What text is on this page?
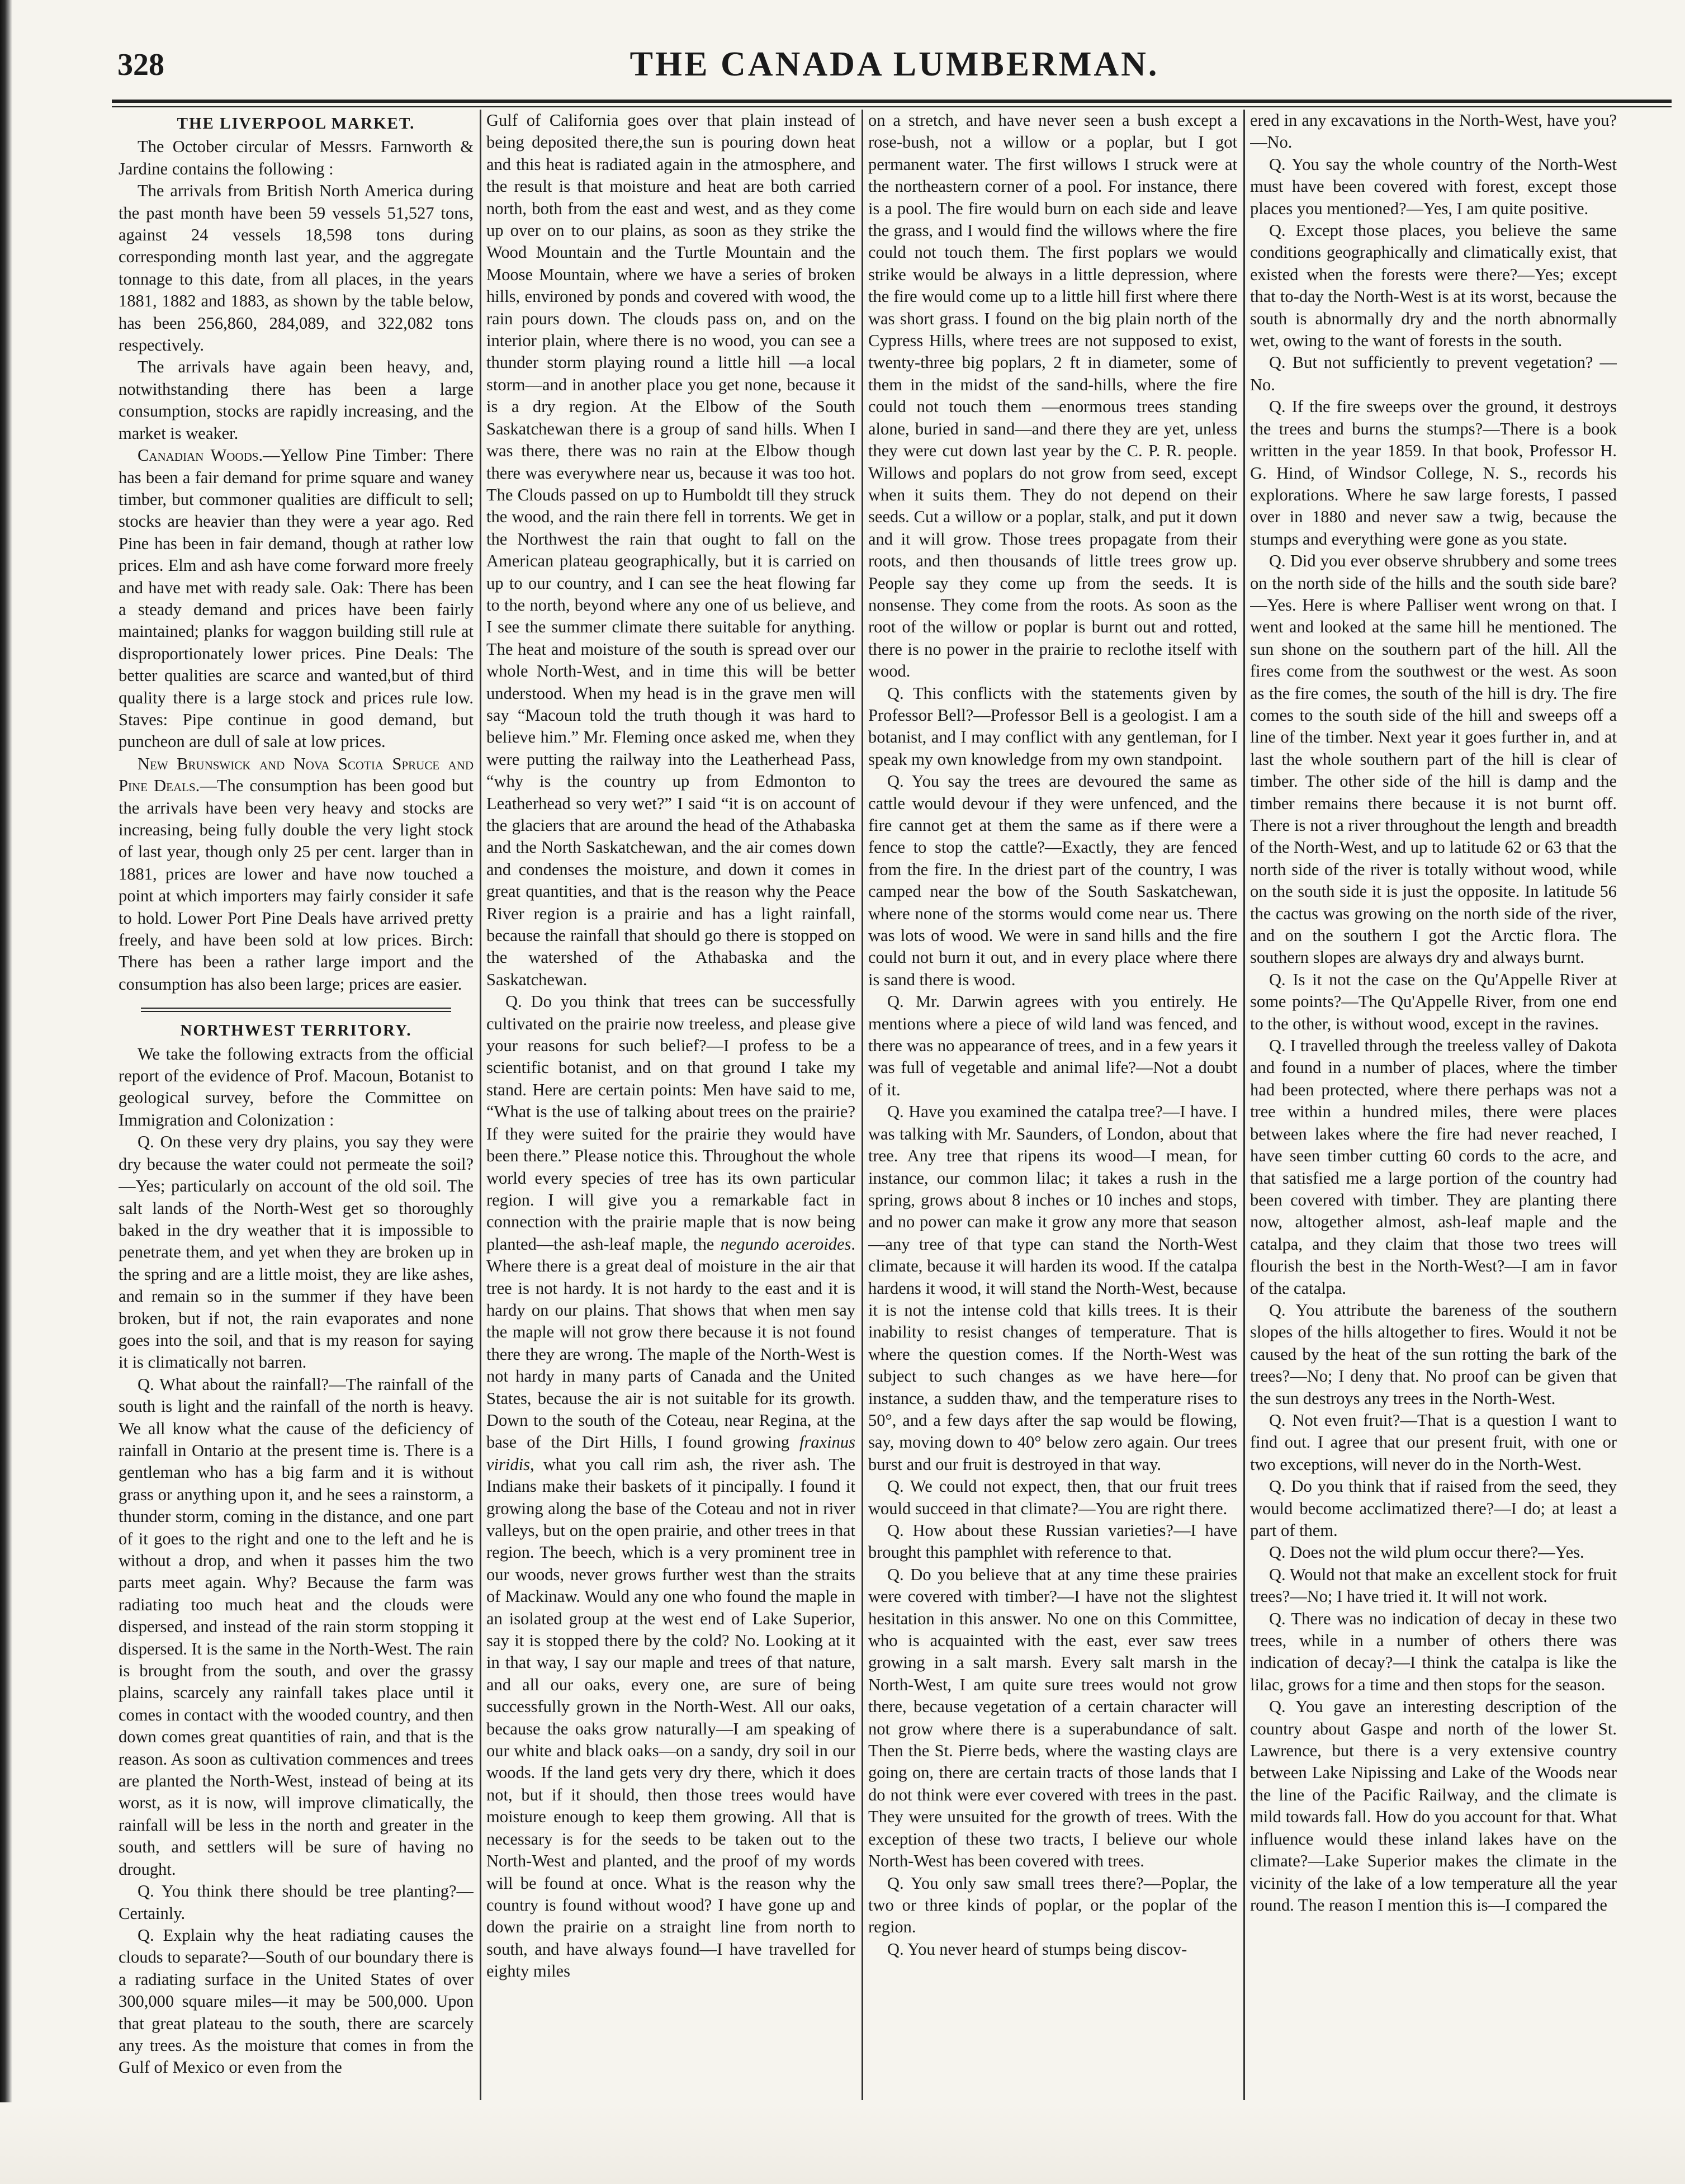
328	THE CANADA LUMBERMAN.
THE LIVERPOOL MARKET.

The October circular of Messrs. Farnworth & Jardine contains the following :

The arrivals from British North America during the past month have been 59 vessels 51,527 tons, against 24 vessels 18,598 tons during corresponding month last year, and the aggregate tonnage to this date, from all places, in the years 1881, 1882 and 1883, as shown by the table below, has been 256,860, 284,089, and 322,082 tons respectively.

The arrivals have again been heavy, and, notwithstanding there has been a large consumption, stocks are rapidly increasing, and the market is weaker.

Canadian Woods.—Yellow Pine Timber: There has been a fair demand for prime square and waney timber, but commoner qualities are difficult to sell; stocks are heavier than they were a year ago. Red Pine has been in fair demand, though at rather low prices. Elm and ash have come forward more freely and have met with ready sale. Oak: There has been a steady demand and prices have been fairly maintained; planks for waggon building still rule at disproportionately lower prices. Pine Deals: The better qualities are scarce and wanted,but of third quality there is a large stock and prices rule low. Staves: Pipe continue in good demand, but puncheon are dull of sale at low prices.

New Brunswick and Nova Scotia Spruce and Pine Deals.—The consumption has been good but the arrivals have been very heavy and stocks are increasing, being fully double the very light stock of last year, though only 25 per cent. larger than in 1881, prices are lower and have now touched a point at which importers may fairly consider it safe to hold. Lower Port Pine Deals have arrived pretty freely, and have been sold at low prices. Birch: There has been a rather large import and the consumption has also been large; prices are easier.

NORTHWEST TERRITORY.

We take the following extracts from the official report of the evidence of Prof. Macoun, Botanist to geological survey, before the Committee on Immigration and Colonization :

Q. On these very dry plains, you say they were dry because the water could not permeate the soil?—Yes; particularly on account of the old soil. The salt lands of the North-West get so thoroughly baked in the dry weather that it is impossible to penetrate them, and yet when they are broken up in the spring and are a little moist, they are like ashes, and remain so in the summer if they have been broken, but if not, the rain evaporates and none goes into the soil, and that is my reason for saying it is climatically not barren.

Q. What about the rainfall?—The rainfall of the south is light and the rainfall of the north is heavy. We all know what the cause of the deficiency of rainfall in Ontario at the present time is. There is a gentleman who has a big farm and it is without grass or anything upon it, and he sees a rainstorm, a thunder storm, coming in the distance, and one part of it goes to the right and one to the left and he is without a drop, and when it passes him the two parts meet again. Why? Because the farm was radiating too much heat and the clouds were dispersed, and instead of the rain storm stopping it dispersed. It is the same in the North-West. The rain is brought from the south, and over the grassy plains, scarcely any rainfall takes place until it comes in contact with the wooded country, and then down comes great quantities of rain, and that is the reason. As soon as cultivation commences and trees are planted the North-West, instead of being at its worst, as it is now, will improve climatically, the rainfall will be less in the north and greater in the south, and settlers will be sure of having no drought.

Q. You think there should be tree planting?—Certainly.

Q. Explain why the heat radiating causes the clouds to separate?—South of our boundary there is a radiating surface in the United States of over 300,000 square miles—it may be 500,000. Upon that great plateau to the south, there are scarcely any trees. As the moisture that comes in from the Gulf of Mexico or even from the

Gulf of California goes over that plain instead of being deposited there,the sun is pouring down heat and this heat is radiated again in the atmosphere, and the result is that moisture and heat are both carried north, both from the east and west, and as they come up over on to our plains, as soon as they strike the Wood Mountain and the Turtle Mountain and the Moose Mountain, where we have a series of broken hills, environed by ponds and covered with wood, the rain pours down. The clouds pass on, and on the interior plain, where there is no wood, you can see a thunder storm playing round a little hill —a local storm—and in another place you get none, because it is a dry region. At the Elbow of the South Saskatchewan there is a group of sand hills. When I was there, there was no rain at the Elbow though there was everywhere near us, because it was too hot. The Clouds passed on up to Humboldt till they struck the wood, and the rain there fell in torrents. We get in the Northwest the rain that ought to fall on the American plateau geographically, but it is carried on up to our country, and I can see the heat flowing far to the north, beyond where any one of us believe, and I see the summer climate there suitable for anything. The heat and moisture of the south is spread over our whole North-West, and in time this will be better understood. When my head is in the grave men will say “Macoun told the truth though it was hard to believe him.” Mr. Fleming once asked me, when they were putting the railway into the Leatherhead Pass, “why is the country up from Edmonton to Leatherhead so very wet?” I said “it is on account of the glaciers that are around the head of the Athabaska and the North Saskatchewan, and the air comes down and condenses the moisture, and down it comes in great quantities, and that is the reason why the Peace River region is a prairie and has a light rainfall, because the rainfall that should go there is stopped on the watershed of the Athabaska and the Saskatchewan.

Q. Do you think that trees can be successfully cultivated on the prairie now treeless, and please give your reasons for such belief?—I profess to be a scientific botanist, and on that ground I take my stand. Here are certain points: Men have said to me, “What is the use of talking about trees on the prairie? If they were suited for the prairie they would have been there.” Please notice this. Throughout the whole world every species of tree has its own particular region. I will give you a remarkable fact in connection with the prairie maple that is now being planted—the ash-leaf maple, the negundo aceroides. Where there is a great deal of moisture in the air that tree is not hardy. It is not hardy to the east and it is hardy on our plains. That shows that when men say the maple will not grow there because it is not found there they are wrong. The maple of the North-West is not hardy in many parts of Canada and the United States, because the air is not suitable for its growth. Down to the south of the Coteau, near Regina, at the base of the Dirt Hills, I found growing fraxinus viridis, what you call rim ash, the river ash. The Indians make their baskets of it pincipally. I found it growing along the base of the Coteau and not in river valleys, but on the open prairie, and other trees in that region. The beech, which is a very prominent tree in our woods, never grows further west than the straits of Mackinaw. Would any one who found the maple in an isolated group at the west end of Lake Superior, say it is stopped there by the cold? No. Looking at it in that way, I say our maple and trees of that nature, and all our oaks, every one, are sure of being successfully grown in the North-West. All our oaks, because the oaks grow naturally—I am speaking of our white and black oaks—on a sandy, dry soil in our woods. If the land gets very dry there, which it does not, but if it should, then those trees would have moisture enough to keep them growing. All that is necessary is for the seeds to be taken out to the North-West and planted, and the proof of my words will be found at once. What is the reason why the country is found without wood? I have gone up and down the prairie on a straight line from north to south, and have always found—I have travelled for eighty miles

on a stretch, and have never seen a bush except a rose-bush, not a willow or a poplar, but I got permanent water. The first willows I struck were at the northeastern corner of a pool. For instance, there is a pool. The fire would burn on each side and leave the grass, and I would find the willows where the fire could not touch them. The first poplars we would strike would be always in a little depression, where the fire would come up to a little hill first where there was short grass. I found on the big plain north of the Cypress Hills, where trees are not supposed to exist, twenty-three big poplars, 2 ft in diameter, some of them in the midst of the sand-hills, where the fire could not touch them —enormous trees standing alone, buried in sand—and there they are yet, unless they were cut down last year by the C. P. R. people. Willows and poplars do not grow from seed, except when it suits them. They do not depend on their seeds. Cut a willow or a poplar, stalk, and put it down and it will grow. Those trees propagate from their roots, and then thousands of little trees grow up. People say they come up from the seeds. It is nonsense. They come from the roots. As soon as the root of the willow or poplar is burnt out and rotted, there is no power in the prairie to reclothe itself with wood.

Q. This conflicts with the statements given by Professor Bell?—Professor Bell is a geologist. I am a botanist, and I may conflict with any gentleman, for I speak my own knowledge from my own standpoint.

Q. You say the trees are devoured the same as cattle would devour if they were unfenced, and the fire cannot get at them the same as if there were a fence to stop the cattle?—Exactly, they are fenced from the fire. In the driest part of the country, I was camped near the bow of the South Saskatchewan, where none of the storms would come near us. There was lots of wood. We were in sand hills and the fire could not burn it out, and in every place where there is sand there is wood.

Q. Mr. Darwin agrees with you entirely. He mentions where a piece of wild land was fenced, and there was no appearance of trees, and in a few years it was full of vegetable and animal life?—Not a doubt of it.

Q. Have you examined the catalpa tree?—I have. I was talking with Mr. Saunders, of London, about that tree. Any tree that ripens its wood—I mean, for instance, our common lilac; it takes a rush in the spring, grows about 8 inches or 10 inches and stops, and no power can make it grow any more that season—any tree of that type can stand the North-West climate, because it will harden its wood. If the catalpa hardens it wood, it will stand the North-West, because it is not the intense cold that kills trees. It is their inability to resist changes of temperature. That is where the question comes. If the North-West was subject to such changes as we have here—for instance, a sudden thaw, and the temperature rises to 50°, and a few days after the sap would be flowing, say, moving down to 40° below zero again. Our trees burst and our fruit is destroyed in that way.

Q. We could not expect, then, that our fruit trees would succeed in that climate?—You are right there.

Q. How about these Russian varieties?—I have brought this pamphlet with reference to that.

Q. Do you believe that at any time these prairies were covered with timber?—I have not the slightest hesitation in this answer. No one on this Committee, who is acquainted with the east, ever saw trees growing in a salt marsh. Every salt marsh in the North-West, I am quite sure trees would not grow there, because vegetation of a certain character will not grow where there is a superabundance of salt. Then the St. Pierre beds, where the wasting clays are going on, there are certain tracts of those lands that I do not think were ever covered with trees in the past. They were unsuited for the growth of trees. With the exception of these two tracts, I believe our whole North-West has been covered with trees.

Q. You only saw small trees there?—Poplar, the two or three kinds of poplar, or the poplar of the region.

Q. You never heard of stumps being discov-

ered in any excavations in the North-West, have you?—No.

Q. You say the whole country of the North-West must have been covered with forest, except those places you mentioned?—Yes, I am quite positive.

Q. Except those places, you believe the same conditions geographically and climatically exist, that existed when the forests were there?—Yes; except that to-day the North-West is at its worst, because the south is abnormally dry and the north abnormally wet, owing to the want of forests in the south.

Q. But not sufficiently to prevent vegetation? —No.

Q. If the fire sweeps over the ground, it destroys the trees and burns the stumps?—There is a book written in the year 1859. In that book, Professor H. G. Hind, of Windsor College, N. S., records his explorations. Where he saw large forests, I passed over in 1880 and never saw a twig, because the stumps and everything were gone as you state.

Q. Did you ever observe shrubbery and some trees on the north side of the hills and the south side bare?—Yes. Here is where Palliser went wrong on that. I went and looked at the same hill he mentioned. The sun shone on the southern part of the hill. All the fires come from the southwest or the west. As soon as the fire comes, the south of the hill is dry. The fire comes to the south side of the hill and sweeps off a line of the timber. Next year it goes further in, and at last the whole southern part of the hill is clear of timber. The other side of the hill is damp and the timber remains there because it is not burnt off. There is not a river throughout the length and breadth of the North-West, and up to latitude 62 or 63 that the north side of the river is totally without wood, while on the south side it is just the opposite. In latitude 56 the cactus was growing on the north side of the river, and on the southern I got the Arctic flora. The southern slopes are always dry and always burnt.

Q. Is it not the case on the Qu'Appelle River at some points?—The Qu'Appelle River, from one end to the other, is without wood, except in the ravines.

Q. I travelled through the treeless valley of Dakota and found in a number of places, where the timber had been protected, where there perhaps was not a tree within a hundred miles, there were places between lakes where the fire had never reached, I have seen timber cutting 60 cords to the acre, and that satisfied me a large portion of the country had been covered with timber. They are planting there now, altogether almost, ash-leaf maple and the catalpa, and they claim that those two trees will flourish the best in the North-West?—I am in favor of the catalpa.

Q. You attribute the bareness of the southern slopes of the hills altogether to fires. Would it not be caused by the heat of the sun rotting the bark of the trees?—No; I deny that. No proof can be given that the sun destroys any trees in the North-West.

Q. Not even fruit?—That is a question I want to find out. I agree that our present fruit, with one or two exceptions, will never do in the North-West.

Q. Do you think that if raised from the seed, they would become acclimatized there?—I do; at least a part of them.

Q. Does not the wild plum occur there?—Yes.

Q. Would not that make an excellent stock for fruit trees?—No; I have tried it. It will not work.

Q. There was no indication of decay in these two trees, while in a number of others there was indication of decay?—I think the catalpa is like the lilac, grows for a time and then stops for the season.

Q. You gave an interesting description of the country about Gaspe and north of the lower St. Lawrence, but there is a very extensive country between Lake Nipissing and Lake of the Woods near the line of the Pacific Railway, and the climate is mild towards fall. How do you account for that. What influence would these inland lakes have on the climate?—Lake Superior makes the climate in the vicinity of the lake of a low temperature all the year round. The reason I mention this is—I compared the
